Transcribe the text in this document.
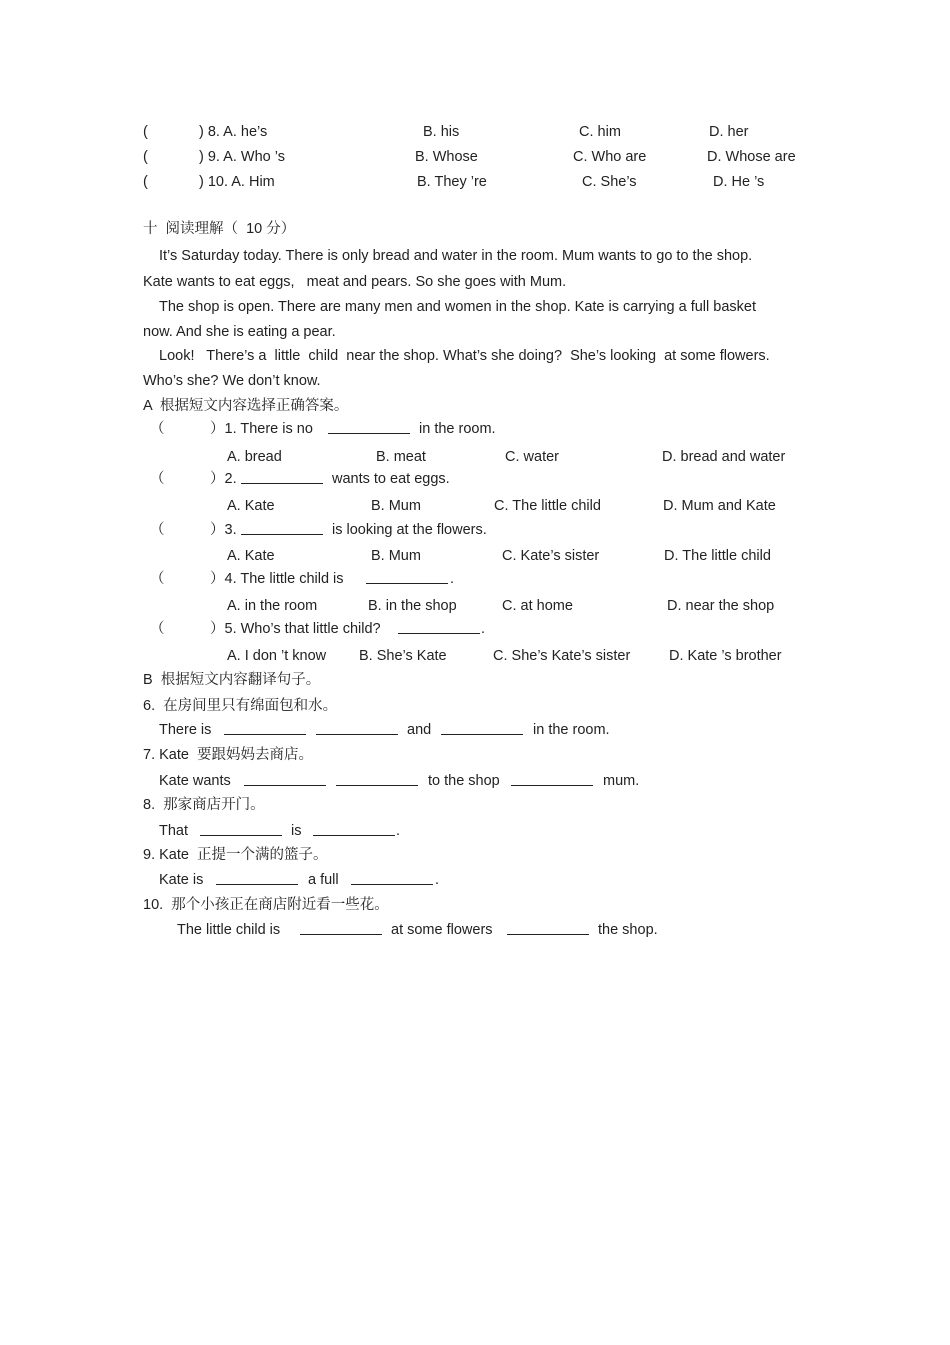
(	) 8. A. he’s	B. his	C. him	D. her
(	) 9. A. Who ’s	B. Whose	C. Who are	D. Whose are
(	) 10. A. Him	B. They ’re	C. She’s	D. He ’s
十  阅读理解（  10 分）
It’s Saturday today. There is only bread and water in the room. Mum wants to go to the shop.
Kate wants to eat eggs,   meat and pears. So she goes with Mum.
The shop is open. There are many men and women in the shop. Kate is carrying a full basket
now. And she is eating a pear.
Look!   There’s a  little  child  near the shop. What’s she doing?  She’s looking  at some flowers.
Who’s she? We don’t know.
A  根据短文内容选择正确答案。
（	）1. There is no	in the room.
A. bread	B. meat	C. water	D. bread and water
（	）2.	wants to eat eggs.
A. Kate	B. Mum	C. The little child	D. Mum and Kate
（	）3.	is looking at the flowers.
A. Kate	B. Mum	C. Kate’s sister	D. The little child
（	）4. The little child is	.
A. in the room	B. in the shop	C. at home	D. near the shop
（	）5. Who’s that little child?	.
A. I don ’t know B. She’s Kate	C. She’s Kate’s sister	D. Kate ’s brother
B  根据短文内容翻译句子。
6.  在房间里只有绵面包和水。
There is	and	in the room.
7. Kate  要跟妈妈去商店。
Kate wants	to the shop	mum.
8.  那家商店开门。
That	is	.
9. Kate  正提一个满的篮子。
Kate is	a full	.
10.  那个小孩正在商店附近看一些花。
The little child is	at some flowers	the shop.
